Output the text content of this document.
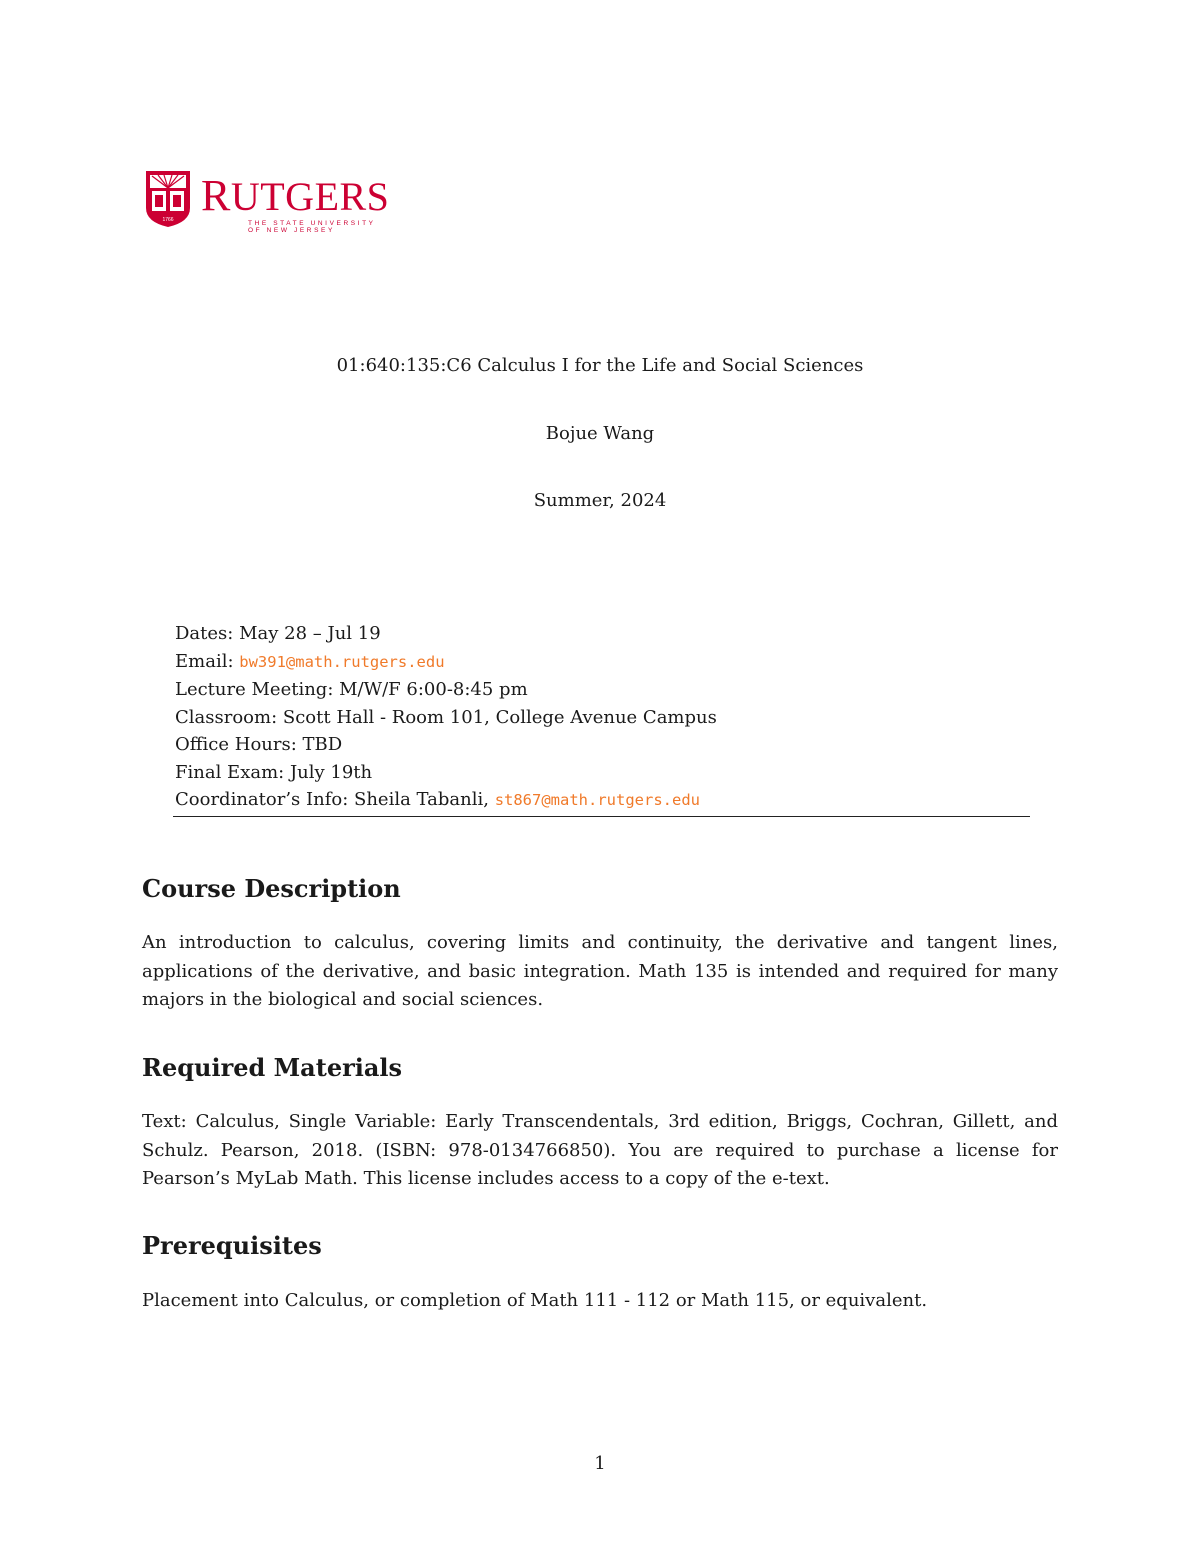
1766 RUTGERS
THE STATE UNIVERSITY
OF NEW JERSEY
01:640:135:C6 Calculus I for the Life and Social Sciences
Bojue Wang
Summer, 2024
Dates: May 28 – Jul 19
Email: bw391@math.rutgers.edu
Lecture Meeting: M/W/F 6:00-8:45 pm
Classroom: Scott Hall - Room 101, College Avenue Campus
Office Hours: TBD
Final Exam: July 19th
Coordinator’s Info: Sheila Tabanli, st867@math.rutgers.edu
Course Description
An introduction to calculus, covering limits and continuity, the derivative and tangent lines, applications of the derivative, and basic integration. Math 135 is intended and required for many majors in the biological and social sciences.
Required Materials
Text: Calculus, Single Variable: Early Transcendentals, 3rd edition, Briggs, Cochran, Gillett, and Schulz. Pearson, 2018. (ISBN: 978-0134766850). You are required to purchase a license for Pearson’s MyLab Math. This license includes access to a copy of the e-text.
Prerequisites
Placement into Calculus, or completion of Math 111 - 112 or Math 115, or equivalent.
1
